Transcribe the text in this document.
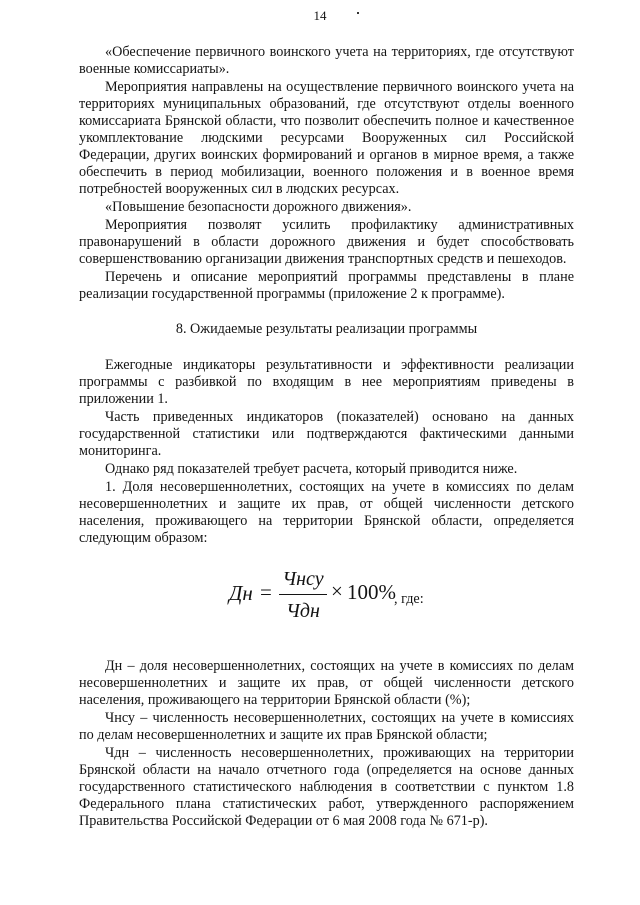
14

«Обеспечение первичного воинского учета на территориях, где отсутствуют военные комиссариаты».

Мероприятия направлены на осуществление первичного воинского учета на территориях муниципальных образований, где отсутствуют отделы военного комиссариата Брянской области, что позволит обеспечить полное и качественное укомплектование людскими ресурсами Вооруженных сил Российской Федерации, других воинских формирований и органов в мирное время, а также обеспечить в период мобилизации, военного положения и в военное время потребностей вооруженных сил в людских ресурсах.

«Повышение безопасности дорожного движения».

Мероприятия позволят усилить профилактику административных правонарушений в области дорожного движения и будет способствовать совершенствованию организации движения транспортных средств и пешеходов.

Перечень и описание мероприятий программы представлены в плане реализации государственной программы (приложение 2 к программе).

8. Ожидаемые результаты реализации программы

Ежегодные индикаторы результативности и эффективности реализации программы с разбивкой по входящим в нее мероприятиям приведены в приложении 1.

Часть приведенных индикаторов (показателей) основано на данных государственной статистики или подтверждаются фактическими данными мониторинга.

Однако ряд показателей требует расчета, который приводится ниже.

1. Доля несовершеннолетних, состоящих на учете в комиссиях по делам несовершеннолетних и защите их прав, от общей численности детского населения, проживающего на территории Брянской области, определяется следующим образом:

Дн =
Чнсу
Чдн
× 100%
, где:

Дн – доля несовершеннолетних, состоящих на учете в комиссиях по делам несовершеннолетних и защите их прав, от общей численности детского населения, проживающего на территории Брянской области (%);

Чнсу – численность несовершеннолетних, состоящих на учете в комиссиях по делам несовершеннолетних и защите их прав Брянской области;

Чдн – численность несовершеннолетних, проживающих на территории Брянской области на начало отчетного года (определяется на основе данных государственного статистического наблюдения в соответствии с пунктом 1.8 Федерального плана статистических работ, утвержденного распоряжением Правительства Российской Федерации от 6 мая 2008 года № 671-р).
